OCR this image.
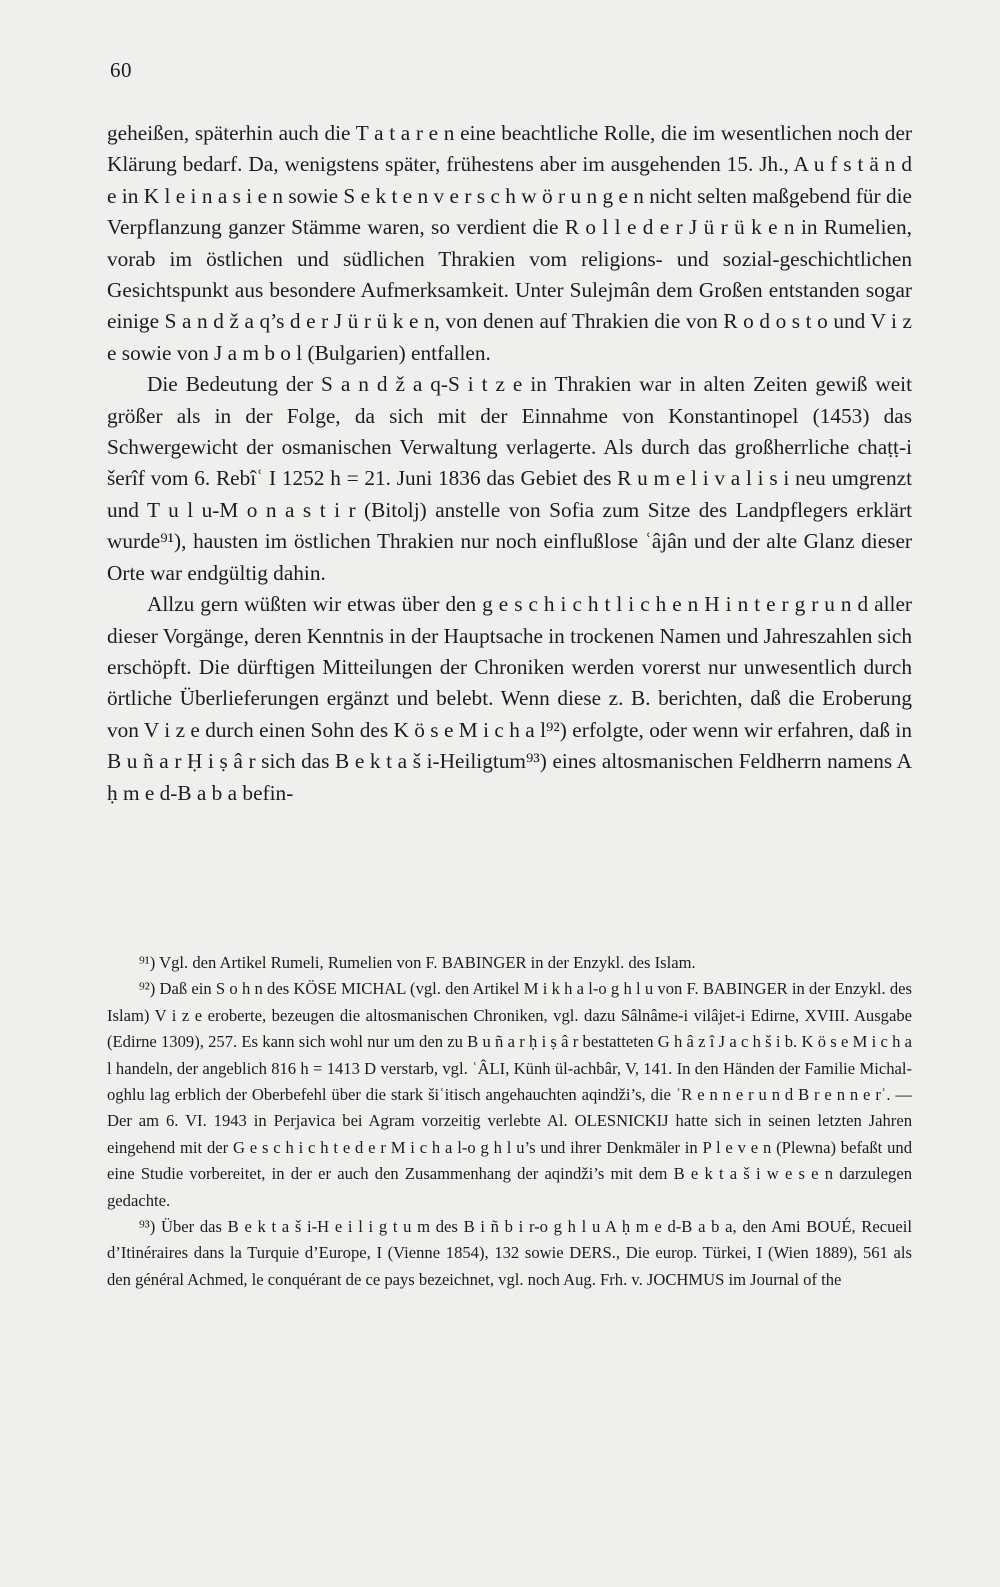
60

geheißen, späterhin auch die T a t a r e n eine beachtliche Rolle, die im wesentlichen noch der Klärung bedarf. Da, wenigstens später, frühestens aber im ausgehenden 15. Jh., A u f s t ä n d e in K l e i n a s i e n sowie S e k t e n v e r s c h w ö r u n g e n nicht selten maßgebend für die Verpflanzung ganzer Stämme waren, so verdient die R o l l e d e r J ü r ü k e n in Rumelien, vorab im östlichen und südlichen Thrakien vom religions- und sozial-geschichtlichen Gesichtspunkt aus besondere Aufmerksamkeit. Unter Sulejmân dem Großen entstanden sogar einige S a n d ž a q’s d e r J ü r ü k e n, von denen auf Thrakien die von R o d o s t o und V i z e sowie von J a m b o l (Bulgarien) entfallen.

Die Bedeutung der S a n d ž a q-S i t z e in Thrakien war in alten Zeiten gewiß weit größer als in der Folge, da sich mit der Einnahme von Konstantinopel (1453) das Schwergewicht der osmanischen Verwaltung verlagerte. Als durch das großherrliche chaṭṭ-i šerîf vom 6. Rebîʿ I 1252 h = 21. Juni 1836 das Gebiet des R u m e l i v a l i s i neu umgrenzt und T u l u-M o n a s t i r (Bitolj) anstelle von Sofia zum Sitze des Landpflegers erklärt wurde⁹¹), hausten im östlichen Thrakien nur noch einflußlose ʿâjân und der alte Glanz dieser Orte war endgültig dahin.

Allzu gern wüßten wir etwas über den g e s c h i c h t l i c h e n H i n t e r g r u n d aller dieser Vorgänge, deren Kenntnis in der Hauptsache in trockenen Namen und Jahreszahlen sich erschöpft. Die dürftigen Mitteilungen der Chroniken werden vorerst nur unwesentlich durch örtliche Überlieferungen ergänzt und belebt. Wenn diese z. B. berichten, daß die Eroberung von V i z e durch einen Sohn des K ö s e M i c h a l⁹²) erfolgte, oder wenn wir erfahren, daß in B u ñ a r Ḥ i ṣ â r sich das B e k t a š i-Heiligtum⁹³) eines altosmanischen Feldherrn namens A ḥ m e d-B a b a befin-

⁹¹) Vgl. den Artikel Rumeli, Rumelien von F. BABINGER in der Enzykl. des Islam.

⁹²) Daß ein S o h n des KÖSE MICHAL (vgl. den Artikel M i k h a l-o g h l u von F. BABINGER in der Enzykl. des Islam) V i z e eroberte, bezeugen die altosmanischen Chroniken, vgl. dazu Sâlnâme-i vilâjet-i Edirne, XVIII. Ausgabe (Edirne 1309), 257. Es kann sich wohl nur um den zu B u ñ a r ḥ i ṣ â r bestatteten G h â z î J a c h š i b. K ö s e M i c h a l handeln, der angeblich 816 h = 1413 D verstarb, vgl. ʿÂLI, Künh ül-achbâr, V, 141. In den Händen der Familie Michal-oghlu lag erblich der Oberbefehl über die stark šiʿitisch angehauchten aqindži’s, die ʾR e n n e r u n d B r e n n e rʾ. — Der am 6. VI. 1943 in Perjavica bei Agram vorzeitig verlebte Al. OLESNICKIJ hatte sich in seinen letzten Jahren eingehend mit der G e s c h i c h t e d e r M i c h a l-o g h l u’s und ihrer Denkmäler in P l e v e n (Plewna) befaßt und eine Studie vorbereitet, in der er auch den Zusammenhang der aqindži’s mit dem B e k t a š i w e s e n darzulegen gedachte.

⁹³) Über das B e k t a š i-H e i l i g t u m des B i ñ b i r-o g h l u A ḥ m e d-B a b a, den Ami BOUÉ, Recueil d’Itinéraires dans la Turquie d’Europe, I (Vienne 1854), 132 sowie DERS., Die europ. Türkei, I (Wien 1889), 561 als den général Achmed, le conquérant de ce pays bezeichnet, vgl. noch Aug. Frh. v. JOCHMUS im Journal of the
